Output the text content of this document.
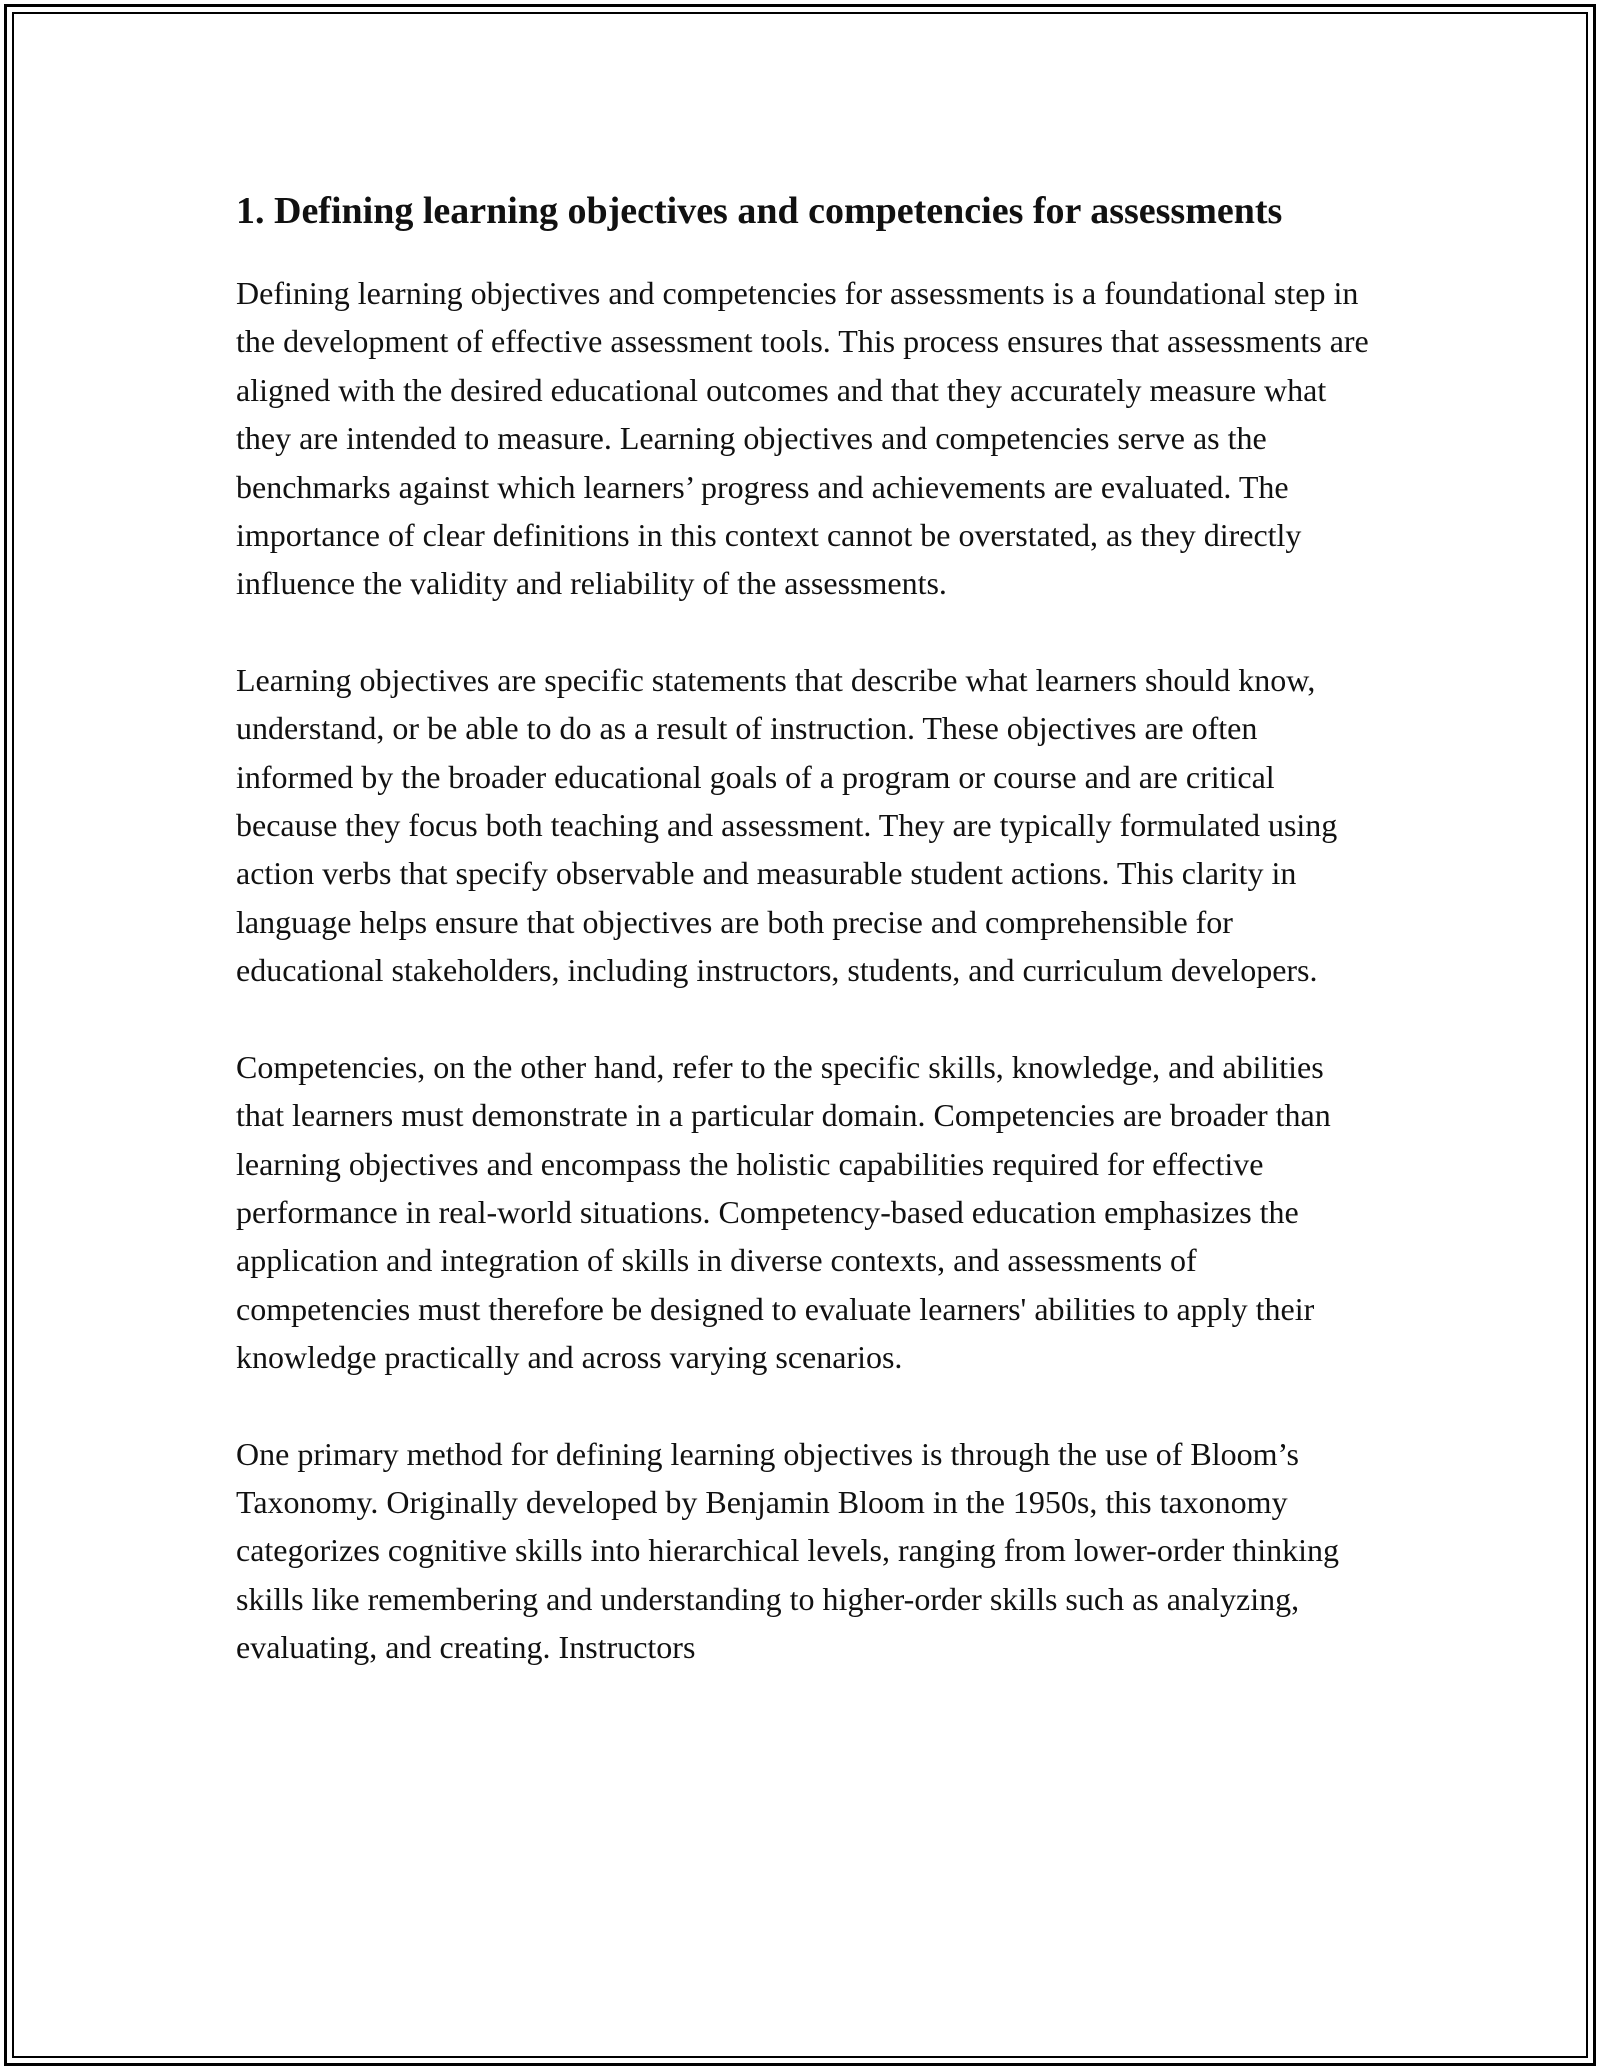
1. Defining learning objectives and competencies for assessments

Defining learning objectives and competencies for assessments is a foundational step in the development of effective assessment tools. This process ensures that assessments are aligned with the desired educational outcomes and that they accurately measure what they are intended to measure. Learning objectives and competencies serve as the benchmarks against which learners’ progress and achievements are evaluated. The importance of clear definitions in this context cannot be overstated, as they directly influence the validity and reliability of the assessments.

Learning objectives are specific statements that describe what learners should know, understand, or be able to do as a result of instruction. These objectives are often informed by the broader educational goals of a program or course and are critical because they focus both teaching and assessment. They are typically formulated using action verbs that specify observable and measurable student actions. This clarity in language helps ensure that objectives are both precise and comprehensible for educational stakeholders, including instructors, students, and curriculum developers.

Competencies, on the other hand, refer to the specific skills, knowledge, and abilities that learners must demonstrate in a particular domain. Competencies are broader than learning objectives and encompass the holistic capabilities required for effective performance in real-world situations. Competency-based education emphasizes the application and integration of skills in diverse contexts, and assessments of competencies must therefore be designed to evaluate learners' abilities to apply their knowledge practically and across varying scenarios.

One primary method for defining learning objectives is through the use of Bloom’s Taxonomy. Originally developed by Benjamin Bloom in the 1950s, this taxonomy categorizes cognitive skills into hierarchical levels, ranging from lower-order thinking skills like remembering and understanding to higher-order skills such as analyzing, evaluating, and creating. Instructors
